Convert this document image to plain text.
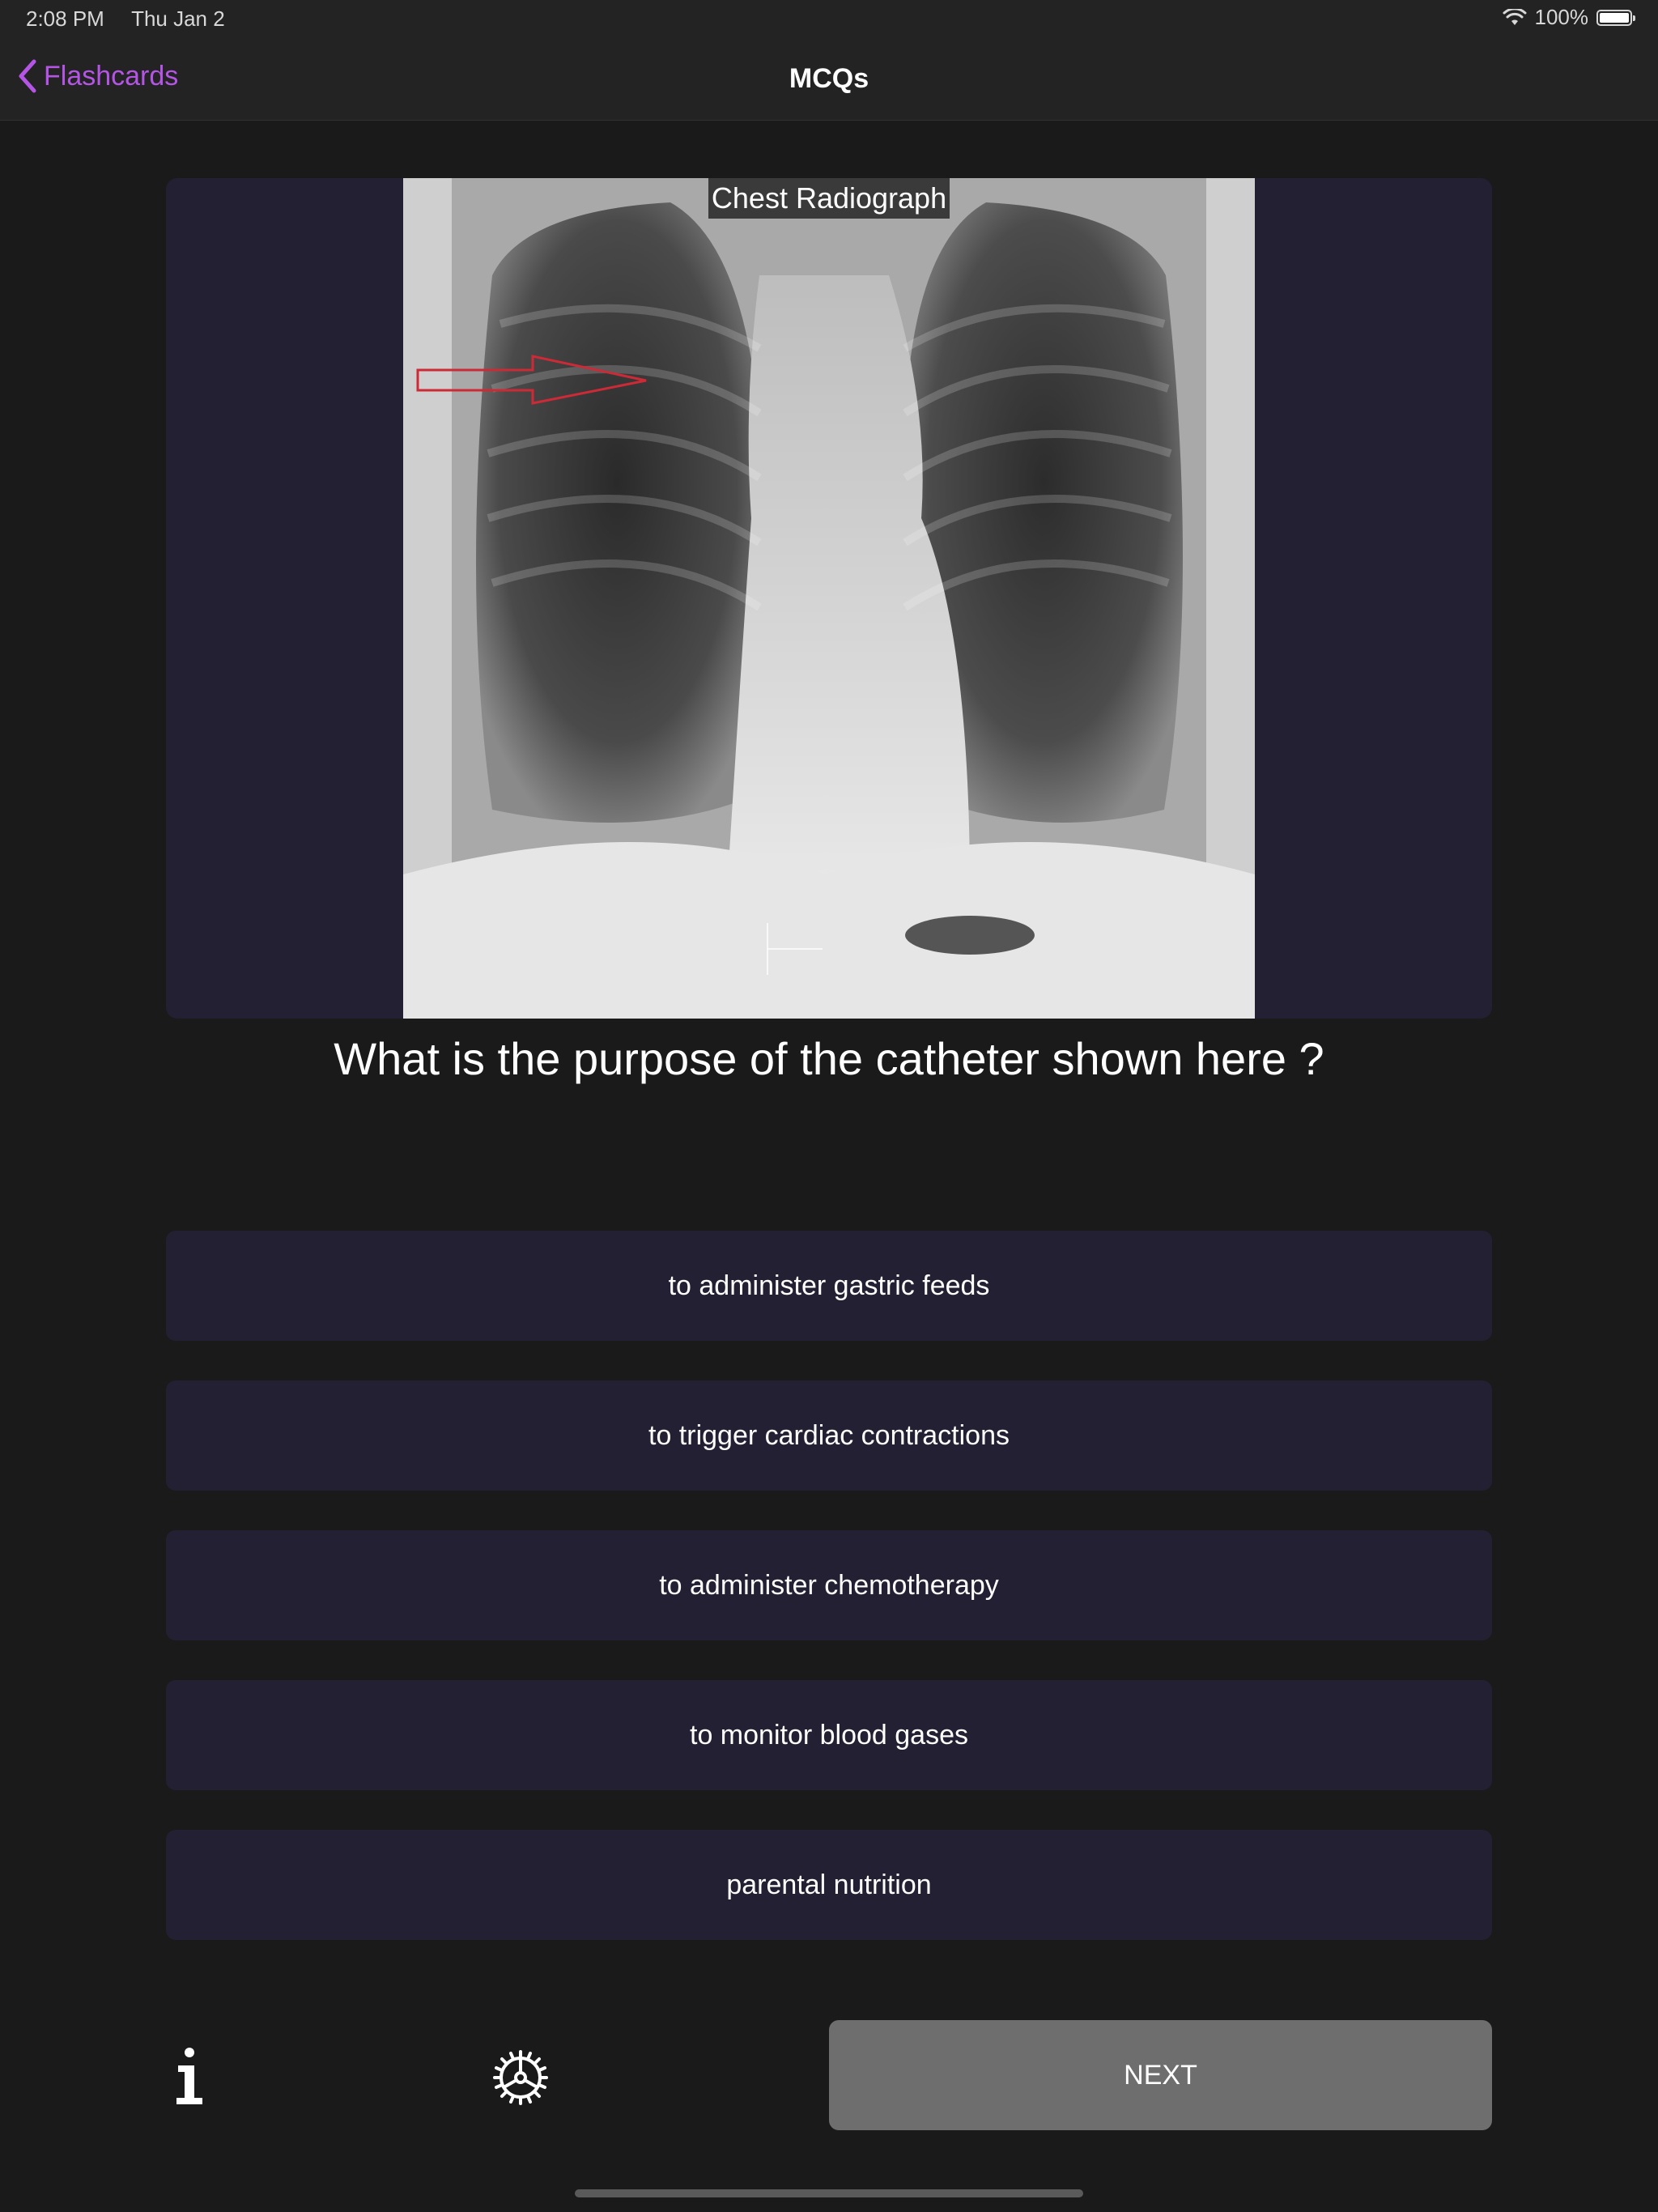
2:08 PM Thu Jan 2	100%
Flashcards	MCQs
Chest Radiograph
What is the purpose of the catheter shown here ?
to administer gastric feeds
to trigger cardiac contractions
to administer chemotherapy
to monitor blood gases
parental nutrition
NEXT
